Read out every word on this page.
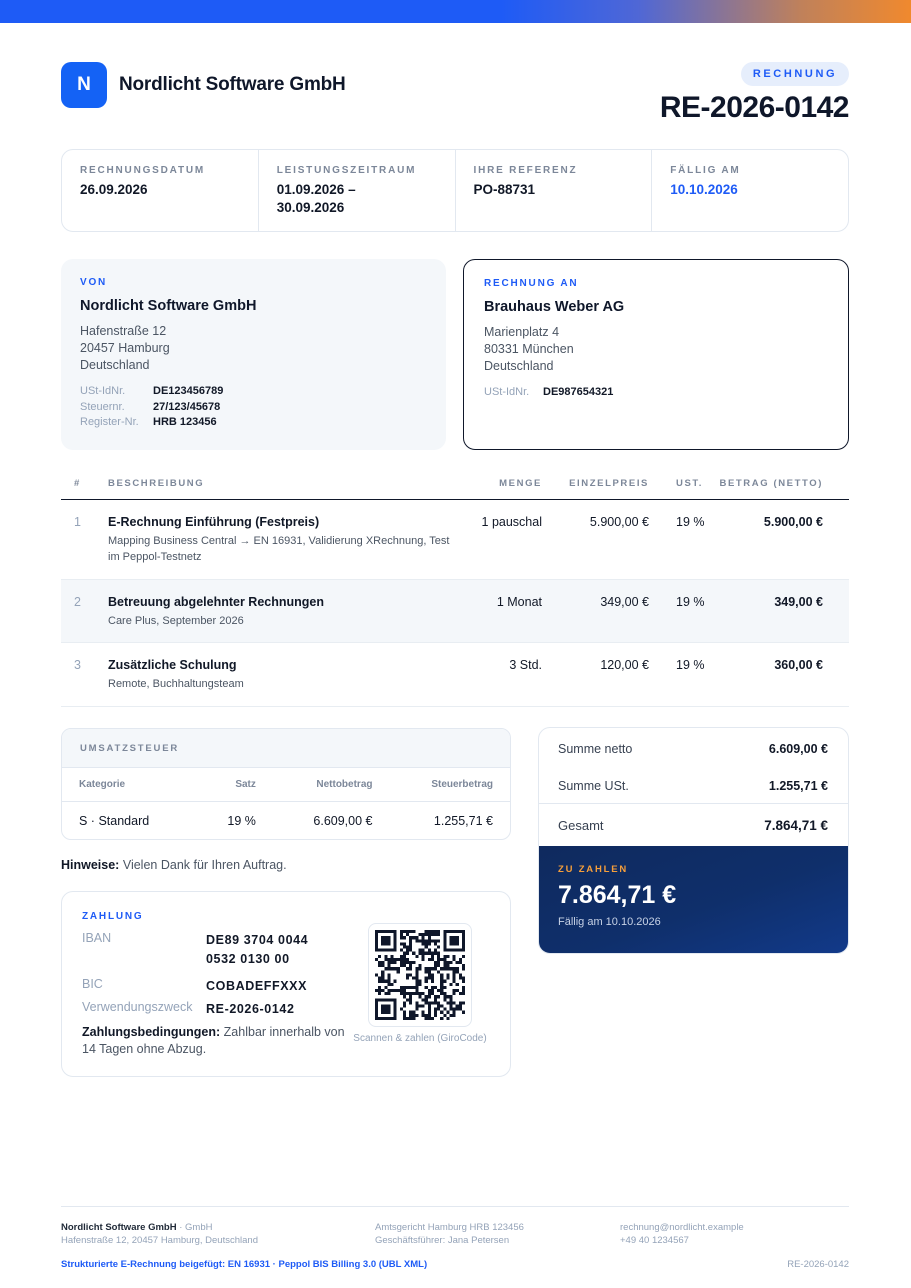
N	Nordlicht Software GmbH	RECHNUNG
RE-2026-0142
RECHNUNGSDATUM
26.09.2026
LEISTUNGSZEITRAUM
01.09.2026 – 30.09.2026
IHRE REFERENZ
PO-88731
FÄLLIG AM
10.10.2026
VON
Nordlicht Software GmbH
Hafenstraße 12
20457 Hamburg
Deutschland
USt-IdNr.	DE123456789
Steuernr.	27/123/45678
Register-Nr.	HRB 123456
RECHNUNG AN
Brauhaus Weber AG
Marienplatz 4
80331 München
Deutschland
USt-IdNr.	DE987654321
#	BESCHREIBUNG	MENGE	EINZELPREIS	UST.	BETRAG (NETTO)
1	E-Rechnung Einführung (Festpreis)
Mapping Business Central → EN 16931, Validierung XRechnung, Test im Peppol-Testnetz
1 pauschal	5.900,00 €	19 %	5.900,00 €
2	Betreuung abgelehnter Rechnungen
Care Plus, September 2026
1 Monat	349,00 €	19 %	349,00 €
3	Zusätzliche Schulung
Remote, Buchhaltungsteam
3 Std.	120,00 €	19 %	360,00 €
UMSATZSTEUER
Kategorie	Satz	Nettobetrag	Steuerbetrag
S · Standard	19 %	6.609,00 €	1.255,71 €
Hinweise: Vielen Dank für Ihren Auftrag.
ZAHLUNG
IBAN	DE89 3704 0044
0532 0130 00
BIC	COBADEFFXXX
Verwendungszweck	RE-2026-0142
Zahlungsbedingungen: Zahlbar innerhalb von 14 Tagen ohne Abzug.
Scannen & zahlen (GiroCode)
Summe netto	6.609,00 €
Summe USt.	1.255,71 €
Gesamt	7.864,71 €
ZU ZAHLEN
7.864,71 €
Fällig am 10.10.2026
Nordlicht Software GmbH · GmbH
Hafenstraße 12, 20457 Hamburg, Deutschland
Amtsgericht Hamburg HRB 123456
Geschäftsführer: Jana Petersen
rechnung@nordlicht.example
+49 40 1234567
Strukturierte E-Rechnung beigefügt: EN 16931 · Peppol BIS Billing 3.0 (UBL XML)	RE-2026-0142
